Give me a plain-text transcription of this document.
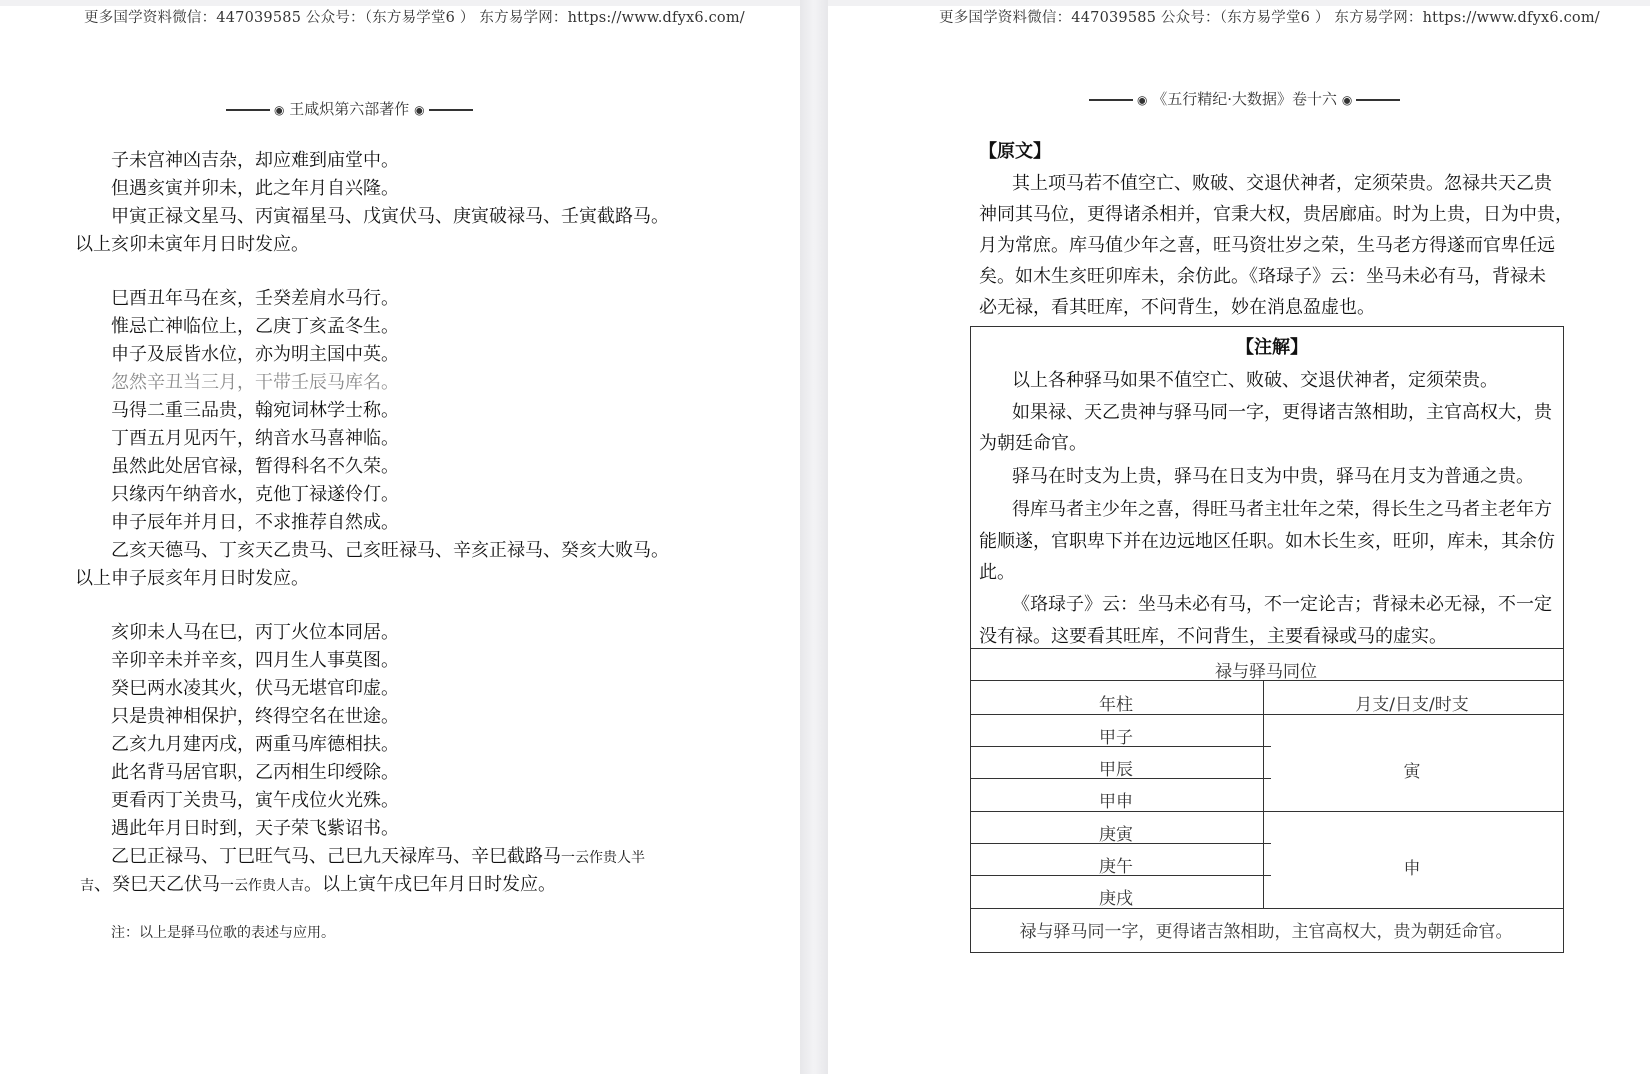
更多国学资料微信：447039585 公众号：（东方易学堂6 ） 东方易学网：https://www.dfyx6.com/
◉ 王咸炽第六部著作 ◉
子未宫神凶吉杂，却应难到庙堂中。
但遇亥寅并卯未，此之年月自兴隆。
甲寅正禄文星马、丙寅福星马、戊寅伏马、庚寅破禄马、壬寅截路马。
以上亥卯未寅年月日时发应。
巳酉丑年马在亥，壬癸差肩水马行。
惟忌亡神临位上，乙庚丁亥孟冬生。
申子及辰皆水位，亦为明主国中英。
忽然辛丑当三月，干带壬辰马库名。
马得二重三品贵，翰宛词林学士称。
丁酉五月见丙午，纳音水马喜神临。
虽然此处居官禄，暂得科名不久荣。
只缘丙午纳音水，克他丁禄遂伶仃。
申子辰年并月日，不求推荐自然成。
乙亥天德马、丁亥天乙贵马、己亥旺禄马、辛亥正禄马、癸亥大败马。
以上申子辰亥年月日时发应。
亥卯未人马在巳，丙丁火位本同居。
辛卯辛未并辛亥，四月生人事莫图。
癸巳两水凌其火，伏马无堪官印虚。
只是贵神相保护，终得空名在世途。
乙亥九月建丙戌，两重马库德相扶。
此名背马居官职，乙丙相生印绶除。
更看丙丁关贵马，寅午戌位火光殊。
遇此年月日时到，天子荣飞紫诏书。
乙巳正禄马、丁巳旺气马、己巳九天禄库马、辛巳截路马一云作贵人半
吉、癸巳天乙伏马一云作贵人吉。以上寅午戌巳年月日时发应。
注：以上是驿马位歌的表述与应用。
更多国学资料微信：447039585 公众号：（东方易学堂6 ） 东方易学网：https://www.dfyx6.com/
◉ 《五行精纪·大数据》卷十六 ◉
【原文】
其上项马若不值空亡、败破、交退伏神者，定须荣贵。忽禄共天乙贵
神同其马位，更得诸杀相并，官秉大权，贵居廊庙。时为上贵，日为中贵，
月为常庶。库马值少年之喜，旺马资壮岁之荣，生马老方得遂而官卑任远
矣。如木生亥旺卯库未，余仿此。《珞琭子》云：坐马未必有马，背禄未
必无禄，看其旺库，不问背生，妙在消息盈虚也。
【注解】
以上各种驿马如果不值空亡、败破、交退伏神者，定须荣贵。
如果禄、天乙贵神与驿马同一字，更得诸吉煞相助，主官高权大，贵
为朝廷命官。
驿马在时支为上贵，驿马在日支为中贵，驿马在月支为普通之贵。
得库马者主少年之喜，得旺马者主壮年之荣，得长生之马者主老年方
能顺遂，官职卑下并在边远地区任职。如木长生亥，旺卯，库未，其余仿
此。
《珞琭子》云：坐马未必有马，不一定论吉；背禄未必无禄，不一定
没有禄。这要看其旺库，不问背生，主要看禄或马的虚实。
禄与驿马同位
年柱	月支/日支/时支
甲子
甲辰
甲申
寅
庚寅
庚午
庚戌
申
禄与驿马同一字，更得诸吉煞相助，主官高权大，贵为朝廷命官。
